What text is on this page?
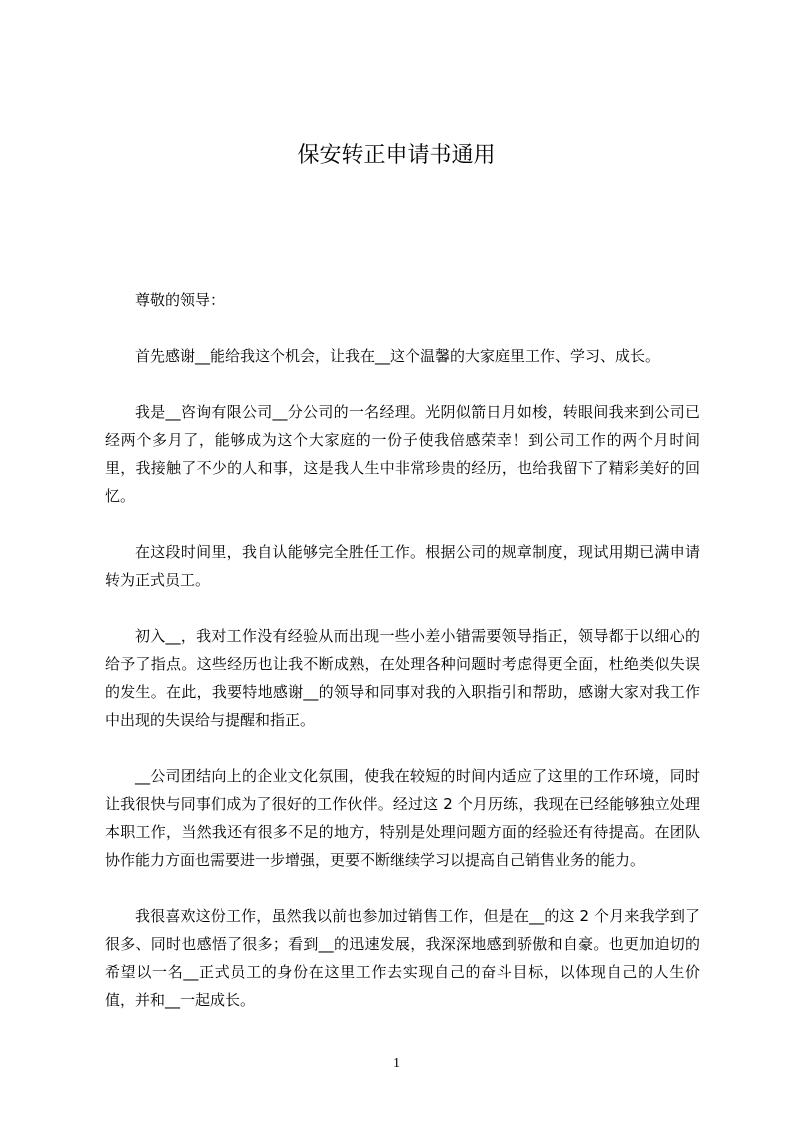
保安转正申请书通用

尊敬的领导：

首先感谢__能给我这个机会，让我在__这个温馨的大家庭里工作、学习、成长。

我是__咨询有限公司__分公司的一名经理。光阴似箭日月如梭，转眼间我来到公司已经两个多月了，能够成为这个大家庭的一份子使我倍感荣幸！到公司工作的两个月时间里，我接触了不少的人和事，这是我人生中非常珍贵的经历，也给我留下了精彩美好的回忆。

在这段时间里，我自认能够完全胜任工作。根据公司的规章制度，现试用期已满申请转为正式员工。

初入__，我对工作没有经验从而出现一些小差小错需要领导指正，领导都于以细心的给予了指点。这些经历也让我不断成熟，在处理各种问题时考虑得更全面，杜绝类似失误的发生。在此，我要特地感谢__的领导和同事对我的入职指引和帮助，感谢大家对我工作中出现的失误给与提醒和指正。

__公司团结向上的企业文化氛围，使我在较短的时间内适应了这里的工作环境，同时让我很快与同事们成为了很好的工作伙伴。经过这 2 个月历练，我现在已经能够独立处理本职工作，当然我还有很多不足的地方，特别是处理问题方面的经验还有待提高。在团队协作能力方面也需要进一步增强，更要不断继续学习以提高自己销售业务的能力。

我很喜欢这份工作，虽然我以前也参加过销售工作，但是在__的这 2 个月来我学到了很多、同时也感悟了很多；看到__的迅速发展，我深深地感到骄傲和自豪。也更加迫切的希望以一名__正式员工的身份在这里工作去实现自己的奋斗目标，以体现自己的人生价值，并和__一起成长。

1
